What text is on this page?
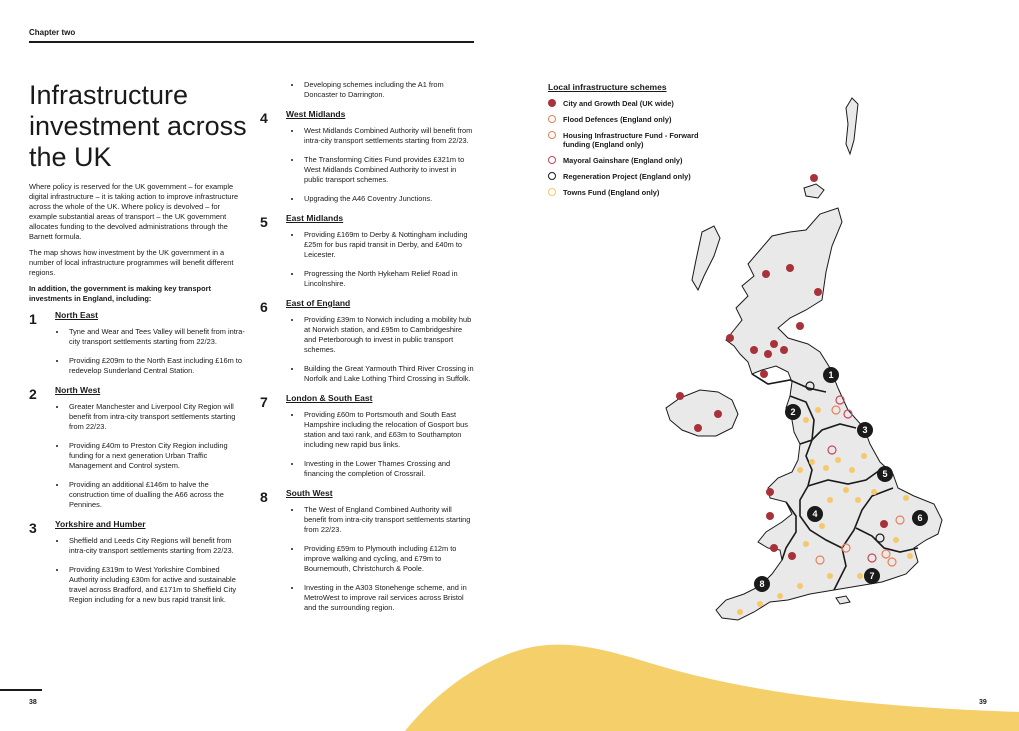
Chapter two
Infrastructure investment across the UK

Where policy is reserved for the UK government – for example digital infrastructure – it is taking action to improve infrastructure across the whole of the UK. Where policy is devolved – for example substantial areas of transport – the UK government allocates funding to the devolved administrations through the Barnett formula.

The map shows how investment by the UK government in a number of local infrastructure programmes will benefit different regions.

In addition, the government is making key transport investments in England, including:

1 North East
• Tyne and Wear and Tees Valley will benefit from intra-city transport settlements starting from 22/23.
• Providing £209m to the North East including £16m to redevelop Sunderland Central Station.
2 North West
• Greater Manchester and Liverpool City Region will benefit from intra-city transport settlements starting from 22/23.
• Providing £40m to Preston City Region including funding for a next generation Urban Traffic Management and Control system.
• Providing an additional £146m to halve the construction time of dualling the A66 across the Pennines.
3 Yorkshire and Humber
• Sheffield and Leeds City Regions will benefit from intra-city transport settlements starting from 22/23.
• Providing £319m to West Yorkshire Combined Authority including £30m for active and sustainable travel across Bradford, and £171m to Sheffield City Region including for a new bus rapid transit link.
• Developing schemes including the A1 from Doncaster to Darrington.
4 West Midlands
• West Midlands Combined Authority will benefit from intra-city transport settlements starting from 22/23.
• The Transforming Cities Fund provides £321m to West Midlands Combined Authority to invest in public transport schemes.
• Upgrading the A46 Coventry Junctions.
5 East Midlands
• Providing £169m to Derby & Nottingham including £25m for bus rapid transit in Derby, and £40m to Leicester.
• Progressing the North Hykeham Relief Road in Lincolnshire.
6 East of England
• Providing £39m to Norwich including a mobility hub at Norwich station, and £95m to Cambridgeshire and Peterborough to invest in public transport schemes.
• Building the Great Yarmouth Third River Crossing in Norfolk and Lake Lothing Third Crossing in Suffolk.
7 London & South East
• Providing £60m to Portsmouth and South East Hampshire including the relocation of Gosport bus station and taxi rank, and £63m to Southampton including new rapid bus links.
• Investing in the Lower Thames Crossing and financing the completion of Crossrail.
8 South West
• The West of England Combined Authority will benefit from intra-city transport settlements starting from 22/23.
• Providing £59m to Plymouth including £12m to improve walking and cycling, and £79m to Bournemouth, Christchurch & Poole.
• Investing in the A303 Stonehenge scheme, and in MetroWest to improve rail services across Bristol and the surrounding region.
Local infrastructure schemes
City and Growth Deal (UK wide)
Flood Defences (England only)
Housing Infrastructure Fund - Forward funding (England only)
Mayoral Gainshare (England only)
Regeneration Project (England only)
Towns Fund (England only)
1
2
3
4
5
6
7
8
38	39
